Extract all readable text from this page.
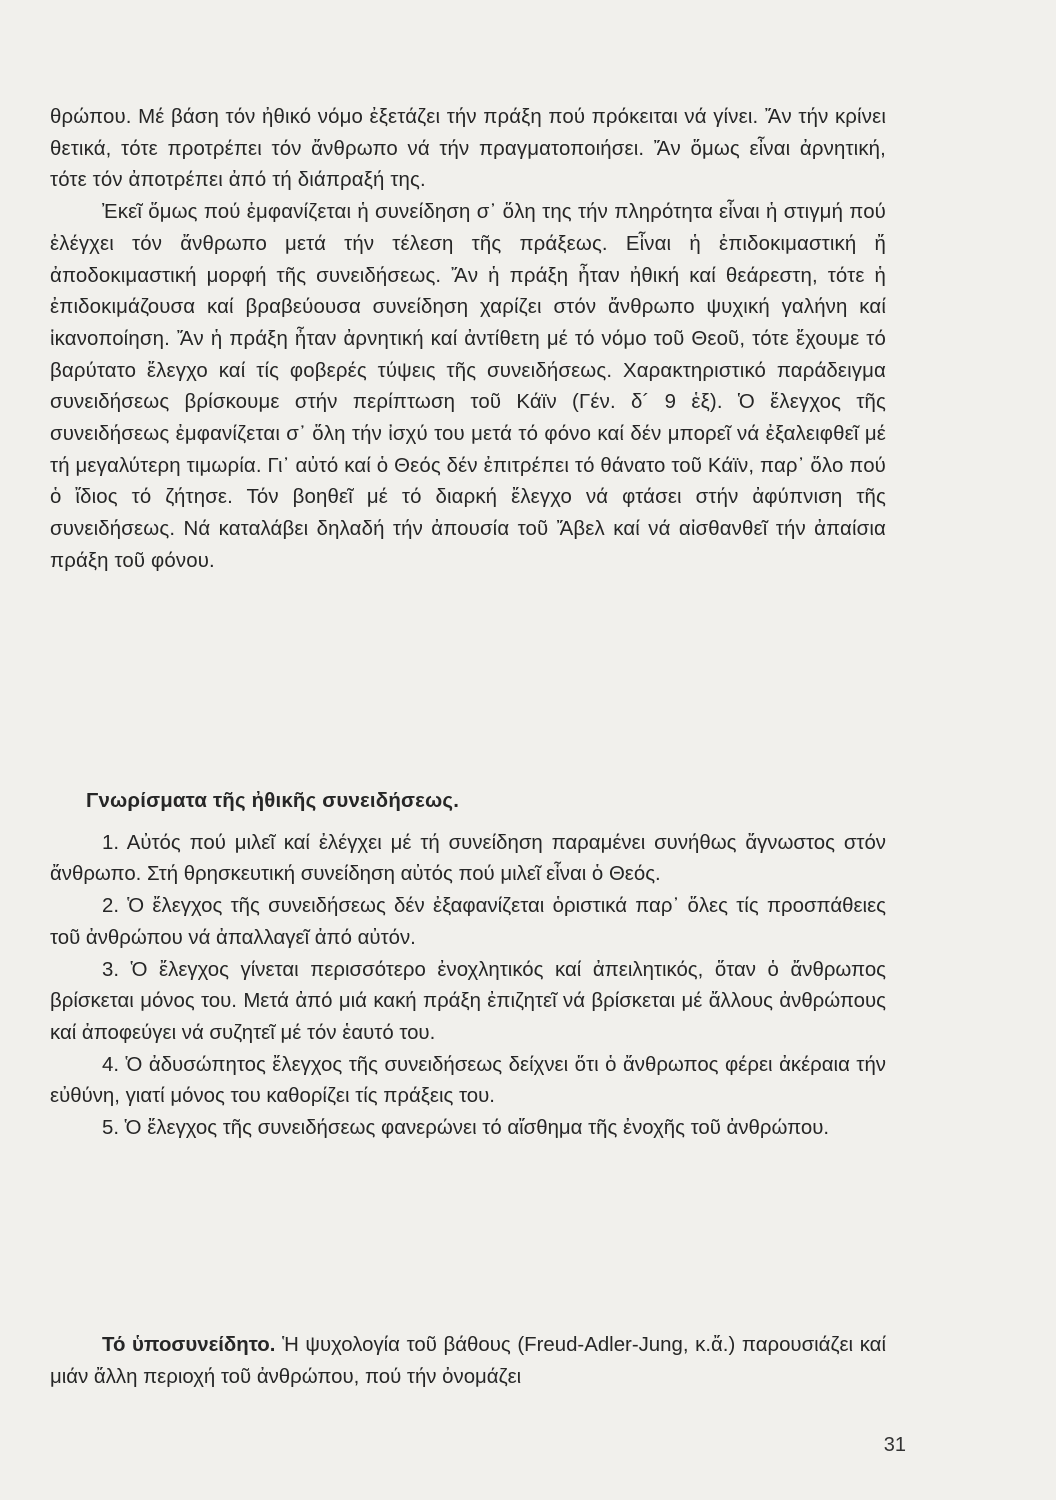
θρώπου. Μέ βάση τόν ἠθικό νόμο ἐξετάζει τήν πράξη πού πρόκειται νά γίνει. Ἄν τήν κρίνει θετικά, τότε προτρέπει τόν ἄνθρωπο νά τήν πραγματοποιήσει. Ἄν ὅμως εἶναι ἀρνητική, τότε τόν ἀποτρέπει ἀπό τή διάπραξή της.

Ἐκεῖ ὅμως πού ἐμφανίζεται ἡ συνείδηση σ᾽ ὅλη της τήν πληρότητα εἶναι ἡ στιγμή πού ἐλέγχει τόν ἄνθρωπο μετά τήν τέλεση τῆς πράξεως. Εἶναι ἡ ἐπιδοκιμαστική ἤ ἀποδοκιμαστική μορφή τῆς συνειδήσεως. Ἄν ἡ πράξη ἦταν ἠθική καί θεάρεστη, τότε ἡ ἐπιδοκιμάζουσα καί βραβεύουσα συνείδηση χαρίζει στόν ἄνθρωπο ψυχική γαλήνη καί ἱκανοποίηση. Ἄν ἡ πράξη ἦταν ἀρνητική καί ἀντίθετη μέ τό νόμο τοῦ Θεοῦ, τότε ἔχουμε τό βαρύτατο ἔλεγχο καί τίς φοβερές τύψεις τῆς συνειδήσεως. Χαρακτηριστικό παράδειγμα συνειδήσεως βρίσκουμε στήν περίπτωση τοῦ Κάϊν (Γέν. δ´ 9 ἑξ). Ὁ ἔλεγχος τῆς συνειδήσεως ἐμφανίζεται σ᾽ ὅλη τήν ἰσχύ του μετά τό φόνο καί δέν μπορεῖ νά ἐξαλειφθεῖ μέ τή μεγαλύτερη τιμωρία. Γι᾽ αὐτό καί ὁ Θεός δέν ἐπιτρέπει τό θάνατο τοῦ Κάϊν, παρ᾽ ὅλο πού ὁ ἴδιος τό ζήτησε. Τόν βοηθεῖ μέ τό διαρκή ἔλεγχο νά φτάσει στήν ἀφύπνιση τῆς συνειδήσεως. Νά καταλάβει δηλαδή τήν ἀπουσία τοῦ Ἄβελ καί νά αἰσθανθεῖ τήν ἀπαίσια πράξη τοῦ φόνου.

Γνωρίσματα τῆς ἠθικῆς συνειδήσεως.

1. Αὐτός πού μιλεῖ καί ἐλέγχει μέ τή συνείδηση παραμένει συνήθως ἄγνωστος στόν ἄνθρωπο. Στή θρησκευτική συνείδηση αὐτός πού μιλεῖ εἶναι ὁ Θεός.

2. Ὁ ἔλεγχος τῆς συνειδήσεως δέν ἐξαφανίζεται ὁριστικά παρ᾽ ὅλες τίς προσπάθειες τοῦ ἀνθρώπου νά ἀπαλλαγεῖ ἀπό αὐτόν.

3. Ὁ ἔλεγχος γίνεται περισσότερο ἐνοχλητικός καί ἀπειλητικός, ὅταν ὁ ἄνθρωπος βρίσκεται μόνος του. Μετά ἀπό μιά κακή πράξη ἐπιζητεῖ νά βρίσκεται μέ ἄλλους ἀνθρώπους καί ἀποφεύγει νά συζητεῖ μέ τόν ἑαυτό του.

4. Ὁ ἀδυσώπητος ἔλεγχος τῆς συνειδήσεως δείχνει ὅτι ὁ ἄνθρωπος φέρει ἀκέραια τήν εὐθύνη, γιατί μόνος του καθορίζει τίς πράξεις του.

5. Ὁ ἔλεγχος τῆς συνειδήσεως φανερώνει τό αἴσθημα τῆς ἐνοχῆς τοῦ ἀνθρώπου.

Τό ὑποσυνείδητο. Ἡ ψυχολογία τοῦ βάθους (Freud-Adler-Jung, κ.ἄ.) παρουσιάζει καί μιάν ἄλλη περιοχή τοῦ ἀνθρώπου, πού τήν ὀνομάζει

31
